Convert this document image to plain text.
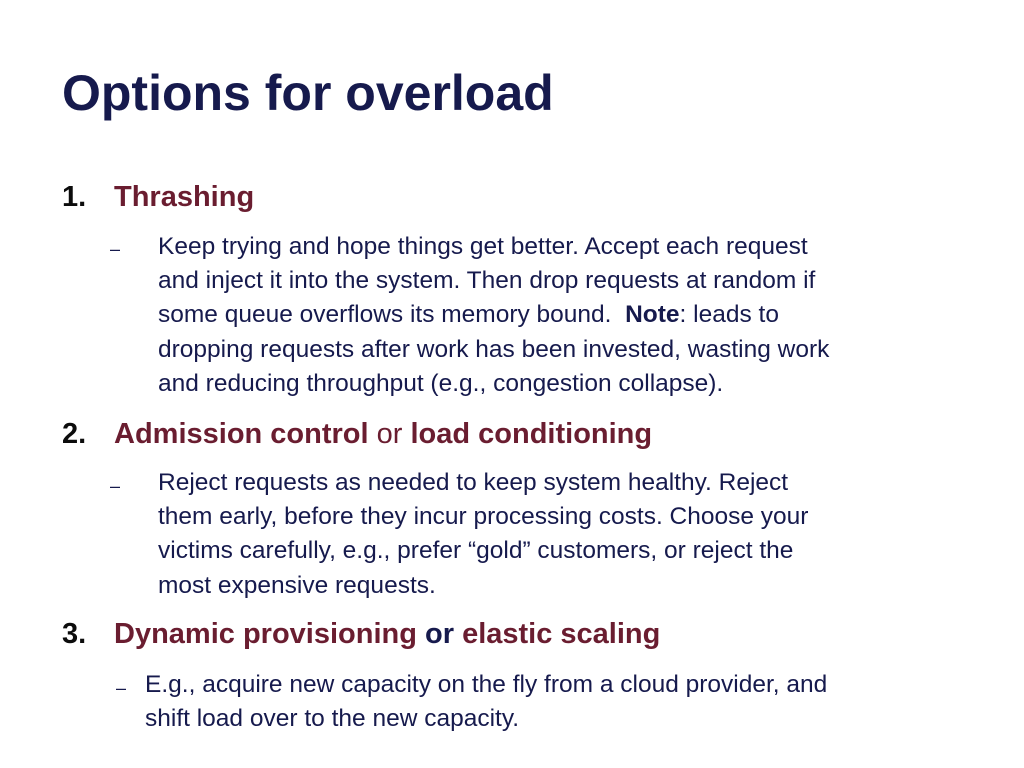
Options for overload
1. Thrashing
– Keep trying and hope things get better. Accept each request
and inject it into the system. Then drop requests at random if
some queue overflows its memory bound.  Note: leads to
dropping requests after work has been invested, wasting work
and reducing throughput (e.g., congestion collapse).
2. Admission control or load conditioning
– Reject requests as needed to keep system healthy. Reject
them early, before they incur processing costs. Choose your
victims carefully, e.g., prefer “gold” customers, or reject the
most expensive requests.
3. Dynamic provisioning or elastic scaling
– E.g., acquire new capacity on the fly from a cloud provider, and
shift load over to the new capacity.
